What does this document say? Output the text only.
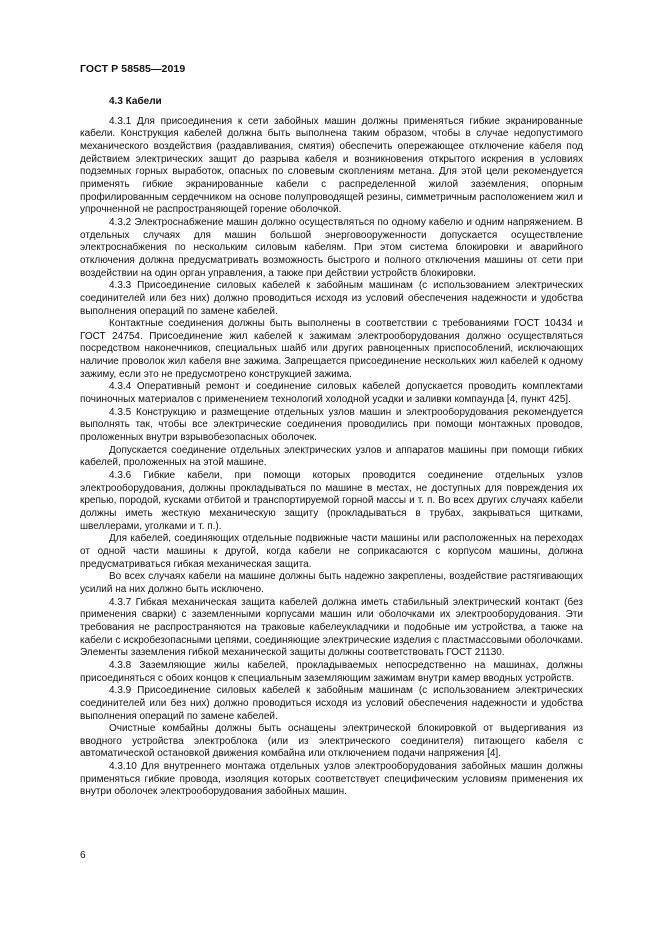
ГОСТ Р 58585—2019
4.3 Кабели

4.3.1 Для присоединения к сети забойных машин должны применяться гибкие экранированные кабели. Конструкция кабелей должна быть выполнена таким образом, чтобы в случае недопустимого механического воздействия (раздавливания, смятия) обеспечить опережающее отключение кабеля под действием электрических защит до разрыва кабеля и возникновения открытого искрения в условиях подземных горных выработок, опасных по словевым скоплениям метана. Для этой цели рекомендуется применять гибкие экранированные кабели с распределенной жилой заземления, опорным профилированным сердечником на основе полупроводящей резины, симметричным расположением жил и упрочненной не распространяющей горение оболочкой.

4.3.2 Электроснабжение машин должно осуществляться по одному кабелю и одним напряжением. В отдельных случаях для машин большой энерговооруженности допускается осуществление электроснабжения по нескольким силовым кабелям. При этом система блокировки и аварийного отключения должна предусматривать возможность быстрого и полного отключения машины от сети при воздействии на один орган управления, а также при действии устройств блокировки.

4.3.3 Присоединение силовых кабелей к забойным машинам (с использованием электрических соединителей или без них) должно проводиться исходя из условий обеспечения надежности и удобства выполнения операций по замене кабелей.

Контактные соединения должны быть выполнены в соответствии с требованиями ГОСТ 10434 и ГОСТ 24754. Присоединение жил кабелей к зажимам электрооборудования должно осуществляться посредством наконечников, специальных шайб или других равноценных приспособлений, исключающих наличие проволок жил кабеля вне зажима. Запрещается присоединение нескольких жил кабелей к одному зажиму, если это не предусмотрено конструкцией зажима.

4.3.4 Оперативный ремонт и соединение силовых кабелей допускается проводить комплектами починочных материалов с применением технологий холодной усадки и заливки компаунда [4, пункт 425].

4.3.5 Конструкцию и размещение отдельных узлов машин и электрооборудования рекомендуется выполнять так, чтобы все электрические соединения проводились при помощи монтажных проводов, проложенных внутри взрывобезопасных оболочек.

Допускается соединение отдельных электрических узлов и аппаратов машины при помощи гибких кабелей, проложенных на этой машине.

4.3.6 Гибкие кабели, при помощи которых проводится соединение отдельных узлов электрооборудования, должны прокладываться по машине в местах, не доступных для повреждения их крепью, породой, кусками отбитой и транспортируемой горной массы и т. п. Во всех других случаях кабели должны иметь жесткую механическую защиту (прокладываться в трубах, закрываться щитками, швеллерами, уголками и т. п.).

Для кабелей, соединяющих отдельные подвижные части машины или расположенных на переходах от одной части машины к другой, когда кабели не соприкасаются с корпусом машины, должна предусматриваться гибкая механическая защита.

Во всех случаях кабели на машине должны быть надежно закреплены, воздействие растягивающих усилий на них должно быть исключено.

4.3.7 Гибкая механическая защита кабелей должна иметь стабильный электрический контакт (без применения сварки) с заземленными корпусами машин или оболочками их электрооборудования. Эти требования не распространяются на траковые кабелеукладчики и подобные им устройства, а также на кабели с искробезопасными цепями, соединяющие электрические изделия с пластмассовыми оболочками. Элементы заземления гибкой механической защиты должны соответствовать ГОСТ 21130.

4.3.8 Заземляющие жилы кабелей, прокладываемых непосредственно на машинах, должны присоединяться с обоих концов к специальным заземляющим зажимам внутри камер вводных устройств.

4.3.9 Присоединение силовых кабелей к забойным машинам (с использованием электрических соединителей или без них) должно проводиться исходя из условий обеспечения надежности и удобства выполнения операций по замене кабелей.

Очистные комбайны должны быть оснащены электрической блокировкой от выдергивания из вводного устройства электроблока (или из электрического соединителя) питающего кабеля с автоматической остановкой движения комбайна или отключением подачи напряжения [4].

4.3.10 Для внутреннего монтажа отдельных узлов электрооборудования забойных машин должны применяться гибкие провода, изоляция которых соответствует специфическим условиям применения их внутри оболочек электрооборудования забойных машин.

6
